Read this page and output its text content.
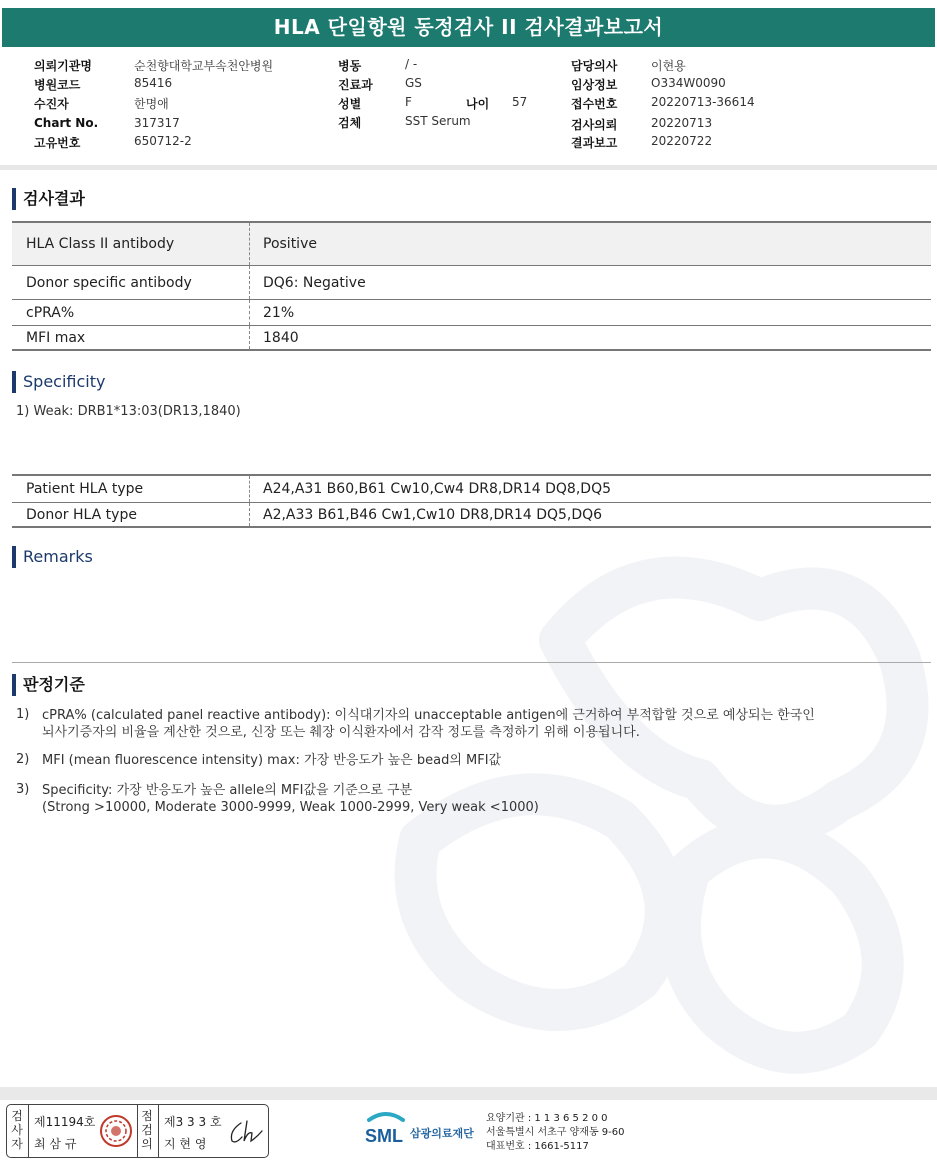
HLA 단일항원 동정검사 II 검사결과보고서
의뢰기관명	순천향대학교부속천안병원
병원코드	85416
수진자	한명애
Chart No.	317317
고유번호	650712-2
병동	/ -
진료과	GS
성별	F	나이 57
검체	SST Serum
담당의사	이현용
임상정보	O334W0090
접수번호	20220713-36614
검사의뢰	20220713
결과보고	20220722
검사결과
HLA Class II antibody	Positive
Donor specific antibody	DQ6: Negative
cPRA%	21%
MFI max	1840
Specificity
1) Weak: DRB1*13:03(DR13,1840)
Patient HLA type	A24,A31 B60,B61 Cw10,Cw4 DR8,DR14 DQ8,DQ5
Donor HLA type	A2,A33 B61,B46 Cw1,Cw10 DR8,DR14 DQ5,DQ6
Remarks
판정기준
1) cPRA% (calculated panel reactive antibody): 이식대기자의 unacceptable antigen에 근거하여 부적합할 것으로 예상되는 한국인
뇌사기증자의 비율을 계산한 것으로, 신장 또는 췌장 이식환자에서 감작 정도를 측정하기 위해 이용됩니다.
2) MFI (mean fluorescence intensity) max: 가장 반응도가 높은 bead의 MFI값
3) Specificity: 가장 반응도가 높은 allele의 MFI값을 기준으로 구분
(Strong >10000, Moderate 3000-9999, Weak 1000-2999, Very weak <1000)
검
사
자
제11194호
최 삼 규
점
검
의
제3 3 3 호
지 현 영	SML 삼광의료재단
요양기관 : 1 1 3 6 5 2 0 0
서울특별시 서초구 양재동 9-60
대표번호 : 1661-5117
